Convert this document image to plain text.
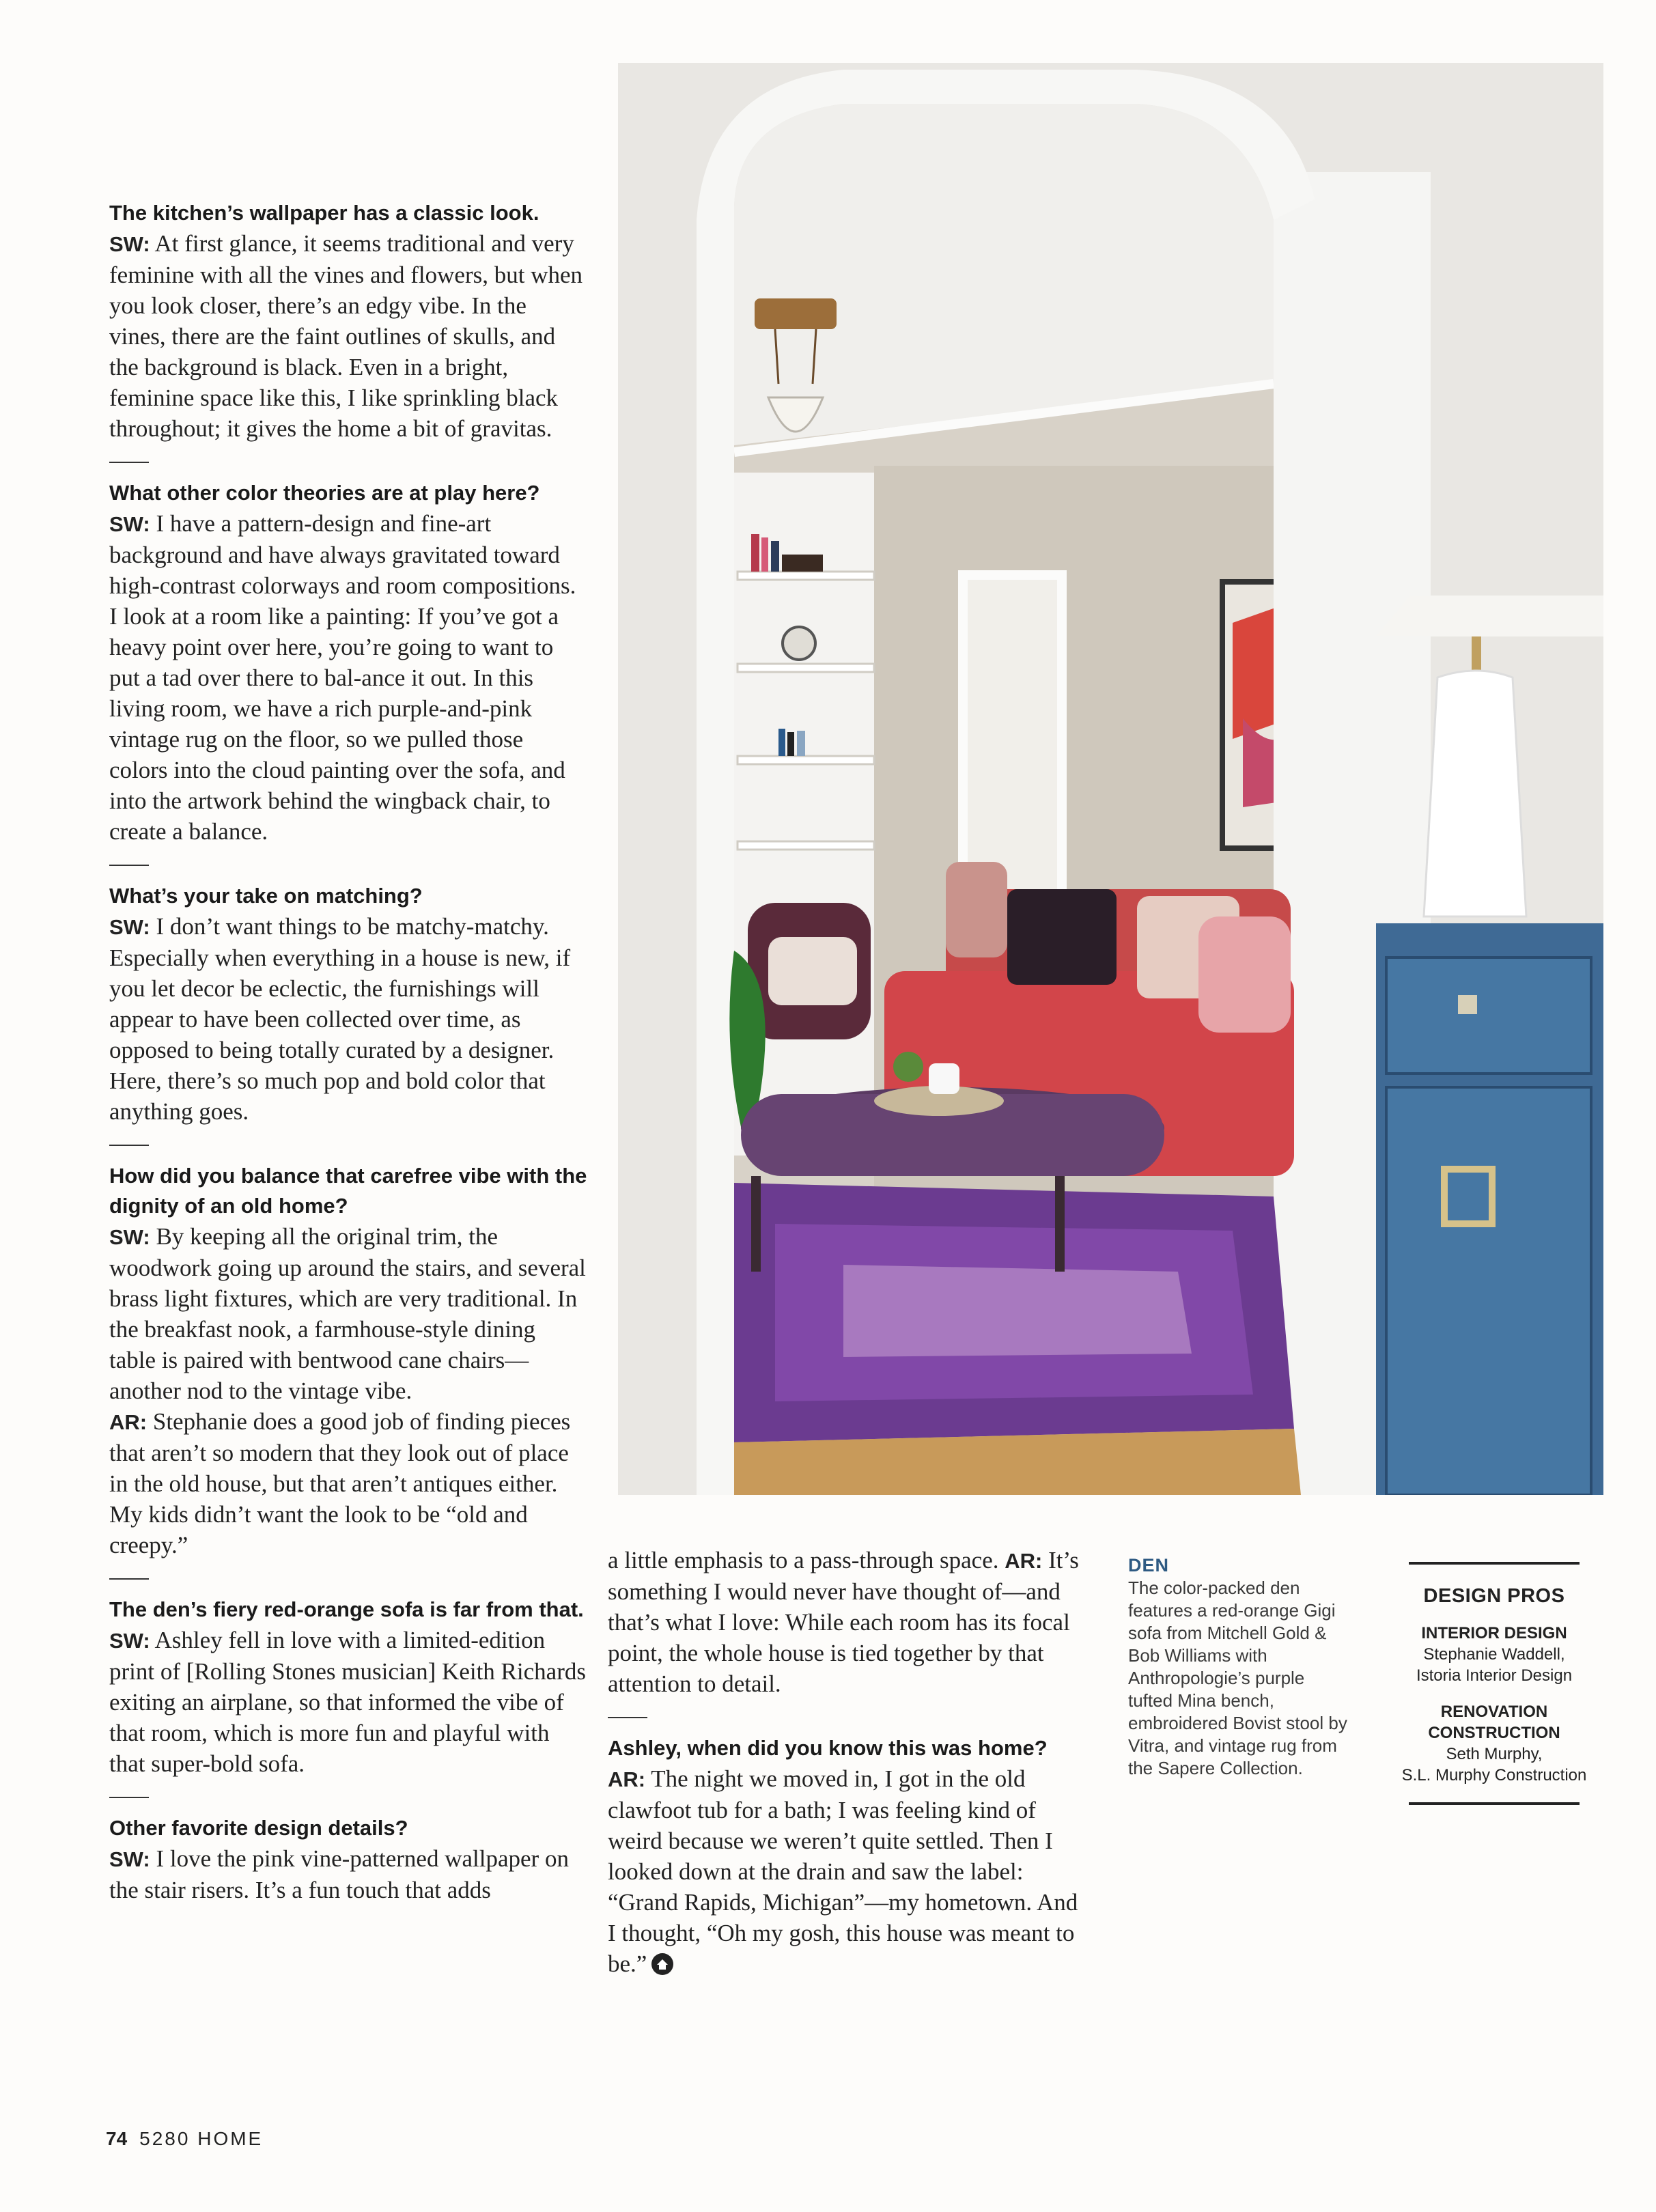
The kitchen’s wallpaper has a classic look.

SW: At first glance, it seems traditional and very feminine with all the vines and flowers, but when you look closer, there’s an edgy vibe. In the vines, there are the faint outlines of skulls, and the background is black. Even in a bright, feminine space like this, I like sprinkling black throughout; it gives the home a bit of gravitas.

What other color theories are at play here?

SW: I have a pattern-design and fine-art background and have always gravitated toward high-contrast colorways and room compositions. I look at a room like a painting: If you’ve got a heavy point over here, you’re going to want to put a tad over there to bal-ance it out. In this living room, we have a rich purple-and-pink vintage rug on the floor, so we pulled those colors into the cloud painting over the sofa, and into the artwork behind the wingback chair, to create a balance.

What’s your take on matching?

SW: I don’t want things to be matchy-matchy. Especially when everything in a house is new, if you let decor be eclectic, the furnishings will appear to have been collected over time, as opposed to being totally curated by a designer. Here, there’s so much pop and bold color that anything goes.

How did you balance that carefree vibe with the dignity of an old home?

SW: By keeping all the original trim, the woodwork going up around the stairs, and several brass light fixtures, which are very traditional. In the breakfast nook, a farmhouse-style dining table is paired with bentwood cane chairs—another nod to the vintage vibe.

AR: Stephanie does a good job of finding pieces that aren’t so modern that they look out of place in the old house, but that aren’t antiques either. My kids didn’t want the look to be “old and creepy.”

The den’s fiery red-orange sofa is far from that.

SW: Ashley fell in love with a limited-edition print of [Rolling Stones musician] Keith Richards exiting an airplane, so that informed the vibe of that room, which is more fun and playful with that super-bold sofa.

Other favorite design details?

SW: I love the pink vine-patterned wallpaper on the stair risers. It’s a fun touch that adds

a little emphasis to a pass-through space. AR: It’s something I would never have thought of—and that’s what I love: While each room has its focal point, the whole house is tied together by that attention to detail.

Ashley, when did you know this was home?

AR: The night we moved in, I got in the old clawfoot tub for a bath; I was feeling kind of weird because we weren’t quite settled. Then I looked down at the drain and saw the label: “Grand Rapids, Michigan”—my hometown. And I thought, “Oh my gosh, this house was meant to be.”

DEN
The color-packed den features a red-orange Gigi sofa from Mitchell Gold & Bob Williams with Anthropologie’s purple tufted Mina bench, embroidered Bovist stool by Vitra, and vintage rug from the Sapere Collection.
DESIGN PROS
INTERIOR DESIGN
Stephanie Waddell,
Istoria Interior Design
RENOVATION CONSTRUCTION
Seth Murphy,
S.L. Murphy Construction
74 5280 HOME
